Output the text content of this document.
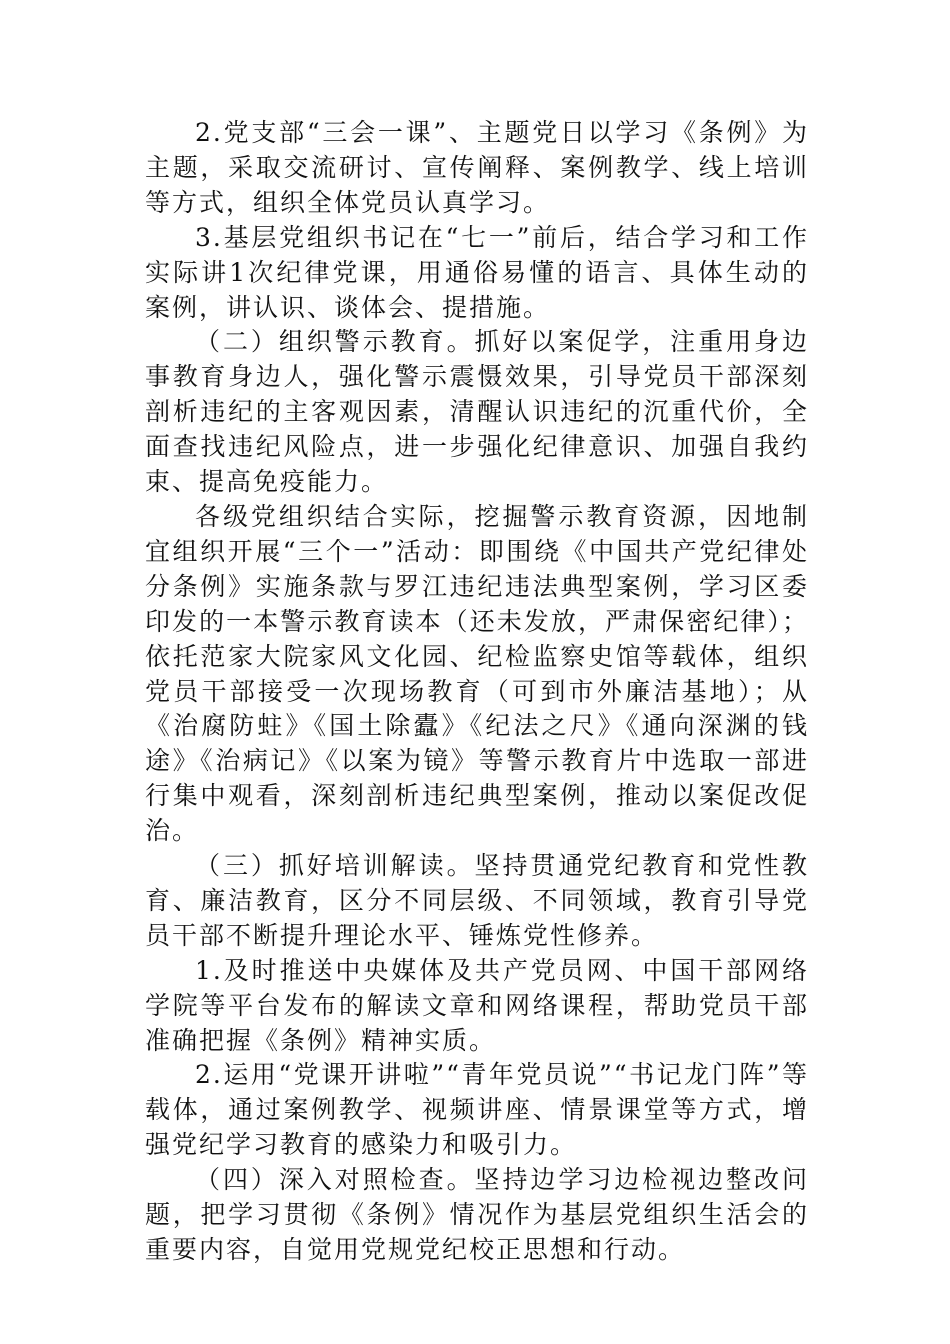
2.党支部“三会一课”、主题党日以学习《条例》为主题，采取交流研讨、宣传阐释、案例教学、线上培训等方式，组织全体党员认真学习。

3.基层党组织书记在“七一”前后，结合学习和工作实际讲1次纪律党课，用通俗易懂的语言、具体生动的案例，讲认识、谈体会、提措施。

（二）组织警示教育。抓好以案促学，注重用身边事教育身边人，强化警示震慑效果，引导党员干部深刻剖析违纪的主客观因素，清醒认识违纪的沉重代价，全面查找违纪风险点，进一步强化纪律意识、加强自我约束、提高免疫能力。

各级党组织结合实际，挖掘警示教育资源，因地制宜组织开展“三个一”活动：即围绕《中国共产党纪律处分条例》实施条款与罗江违纪违法典型案例，学习区委印发的一本警示教育读本（还未发放，严肃保密纪律）；依托范家大院家风文化园、纪检监察史馆等载体，组织党员干部接受一次现场教育（可到市外廉洁基地）；从《治腐防蛀》《国土除蠹》《纪法之尺》《通向深渊的钱途》《治病记》《以案为镜》等警示教育片中选取一部进行集中观看，深刻剖析违纪典型案例，推动以案促改促治。

（三）抓好培训解读。坚持贯通党纪教育和党性教育、廉洁教育，区分不同层级、不同领域，教育引导党员干部不断提升理论水平、锤炼党性修养。

1.及时推送中央媒体及共产党员网、中国干部网络学院等平台发布的解读文章和网络课程，帮助党员干部准确把握《条例》精神实质。

2.运用“党课开讲啦”“青年党员说”“书记龙门阵”等载体，通过案例教学、视频讲座、情景课堂等方式，增强党纪学习教育的感染力和吸引力。

（四）深入对照检查。坚持边学习边检视边整改问题，把学习贯彻《条例》情况作为基层党组织生活会的重要内容，自觉用党规党纪校正思想和行动。
